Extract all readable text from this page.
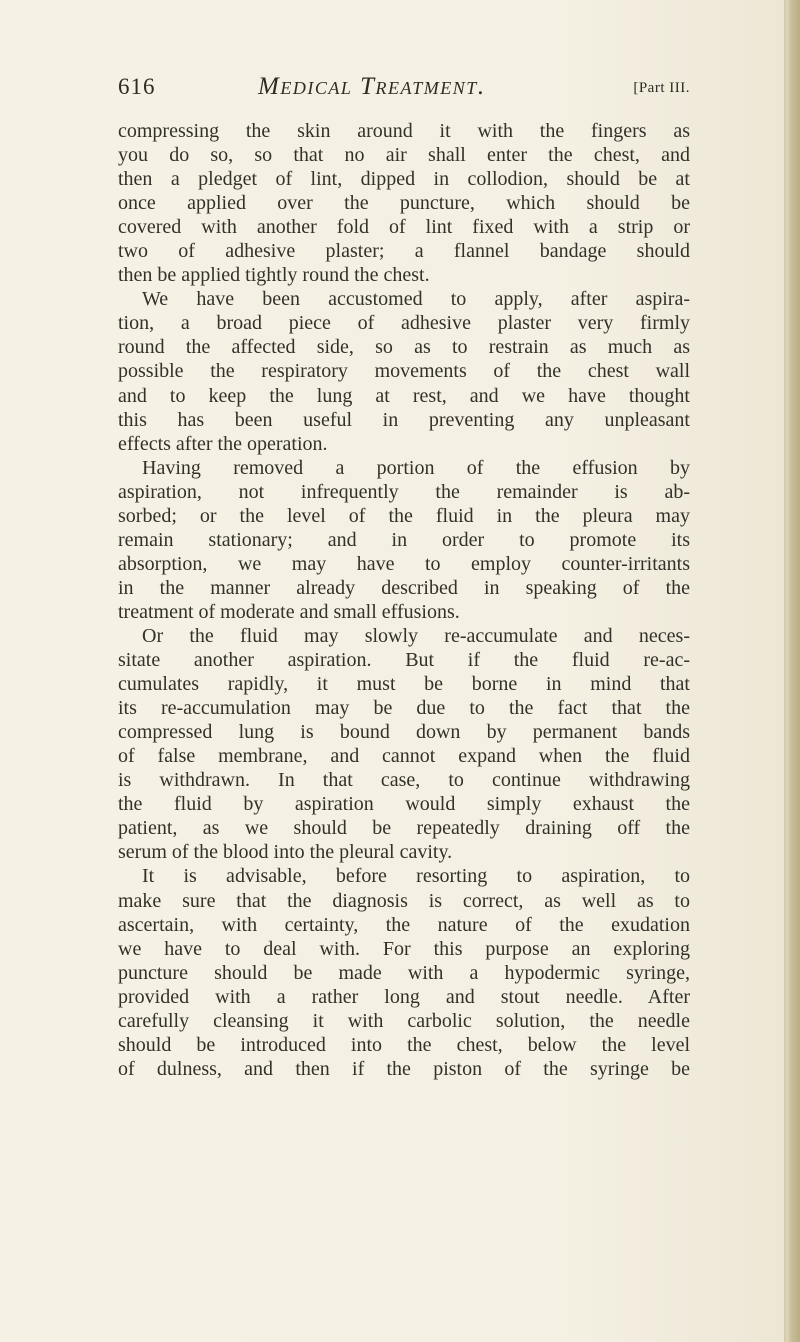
616	Medical Treatment.	[Part III.
compressing the skin around it with the fingers as
you do so, so that no air shall enter the chest, and
then a pledget of lint, dipped in collodion, should be at
once applied over the puncture, which should be
covered with another fold of lint fixed with a strip or
two of adhesive plaster; a flannel bandage should
then be applied tightly round the chest.
We have been accustomed to apply, after aspira-
tion, a broad piece of adhesive plaster very firmly
round the affected side, so as to restrain as much as
possible the respiratory movements of the chest wall
and to keep the lung at rest, and we have thought
this has been useful in preventing any unpleasant
effects after the operation.
Having removed a portion of the effusion by
aspiration, not infrequently the remainder is ab-
sorbed; or the level of the fluid in the pleura may
remain stationary; and in order to promote its
absorption, we may have to employ counter-irritants
in the manner already described in speaking of the
treatment of moderate and small effusions.
Or the fluid may slowly re-accumulate and neces-
sitate another aspiration. But if the fluid re-ac-
cumulates rapidly, it must be borne in mind that
its re-accumulation may be due to the fact that the
compressed lung is bound down by permanent bands
of false membrane, and cannot expand when the fluid
is withdrawn. In that case, to continue withdrawing
the fluid by aspiration would simply exhaust the
patient, as we should be repeatedly draining off the
serum of the blood into the pleural cavity.
It is advisable, before resorting to aspiration, to
make sure that the diagnosis is correct, as well as to
ascertain, with certainty, the nature of the exudation
we have to deal with. For this purpose an exploring
puncture should be made with a hypodermic syringe,
provided with a rather long and stout needle. After
carefully cleansing it with carbolic solution, the needle
should be introduced into the chest, below the level
of dulness, and then if the piston of the syringe be
